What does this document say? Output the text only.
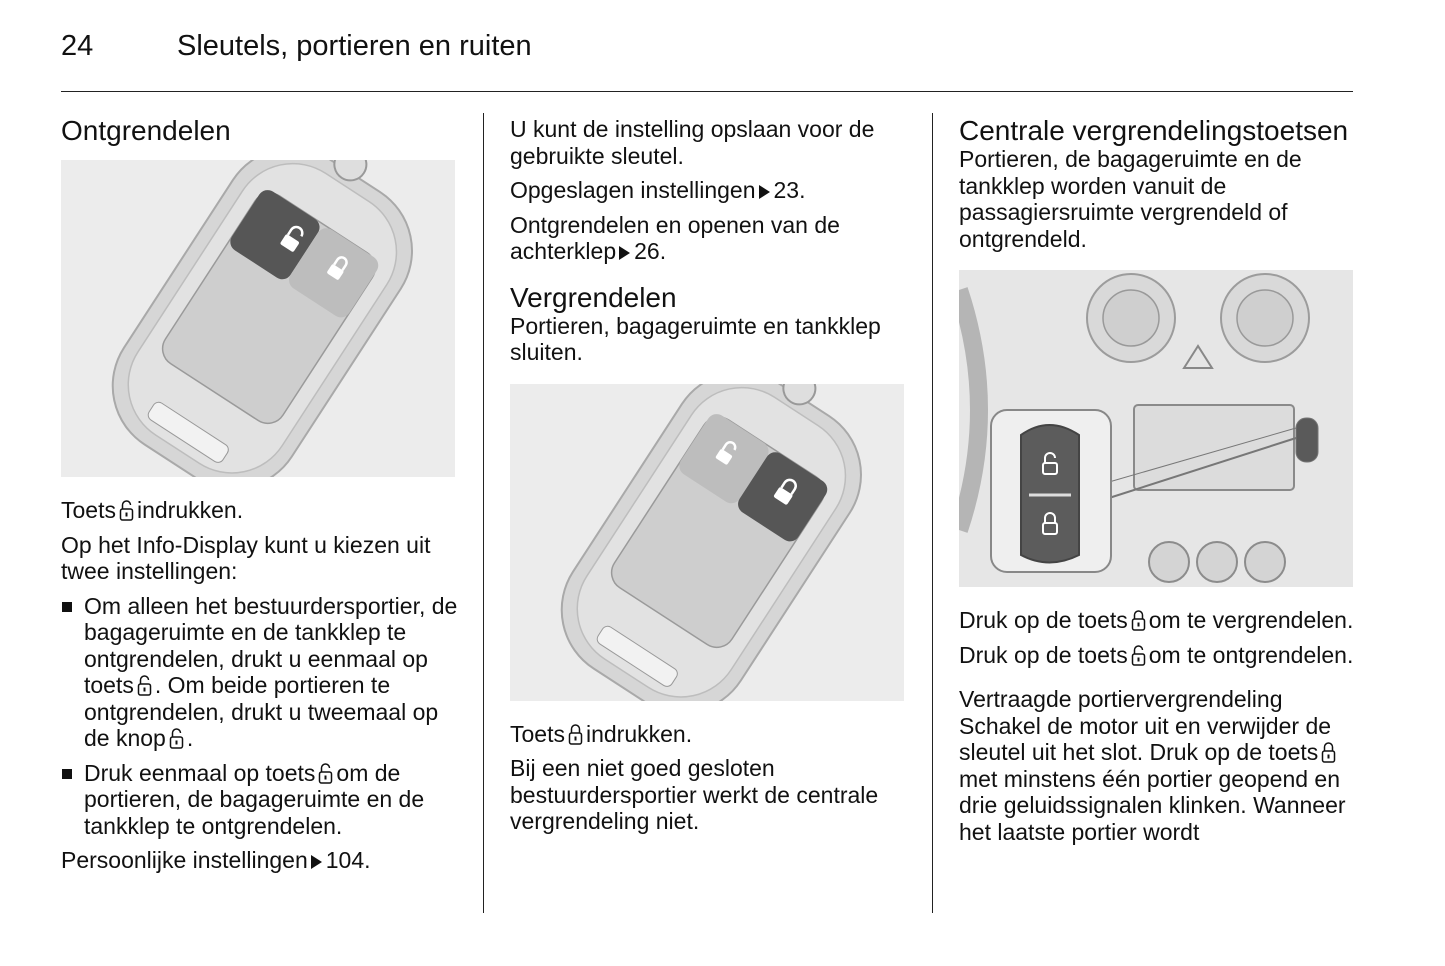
24	Sleutels, portieren en ruiten
Ontgrendelen

Toets indrukken.

Op het Info-Display kunt u kiezen uit twee instellingen:

Om alleen het bestuurdersportier, de bagageruimte en de tankklep te ontgrendelen, drukt u eenmaal op toets . Om beide portieren te ontgrendelen, drukt u tweemaal op de knop .
Druk eenmaal op toets om de portieren, de bagageruimte en de tankklep te ontgrendelen.

Persoonlijke instellingen 104.

U kunt de instelling opslaan voor de gebruikte sleutel.

Opgeslagen instellingen 23.

Ontgrendelen en openen van de achterklep 26.

Vergrendelen

Portieren, bagageruimte en tankklep sluiten.

Toets indrukken.

Bij een niet goed gesloten bestuurdersportier werkt de centrale vergrendeling niet.

Centrale vergrendelingstoetsen

Portieren, de bagageruimte en de tankklep worden vanuit de passagiersruimte vergrendeld of ontgrendeld.

Druk op de toets om te vergrendelen.

Druk op de toets om te ontgrendelen.

Vertraagde portiervergrendeling

Schakel de motor uit en verwijder de sleutel uit het slot. Druk op de toets
met minstens één portier geopend en drie geluidssignalen klinken. Wanneer het laatste portier wordt
